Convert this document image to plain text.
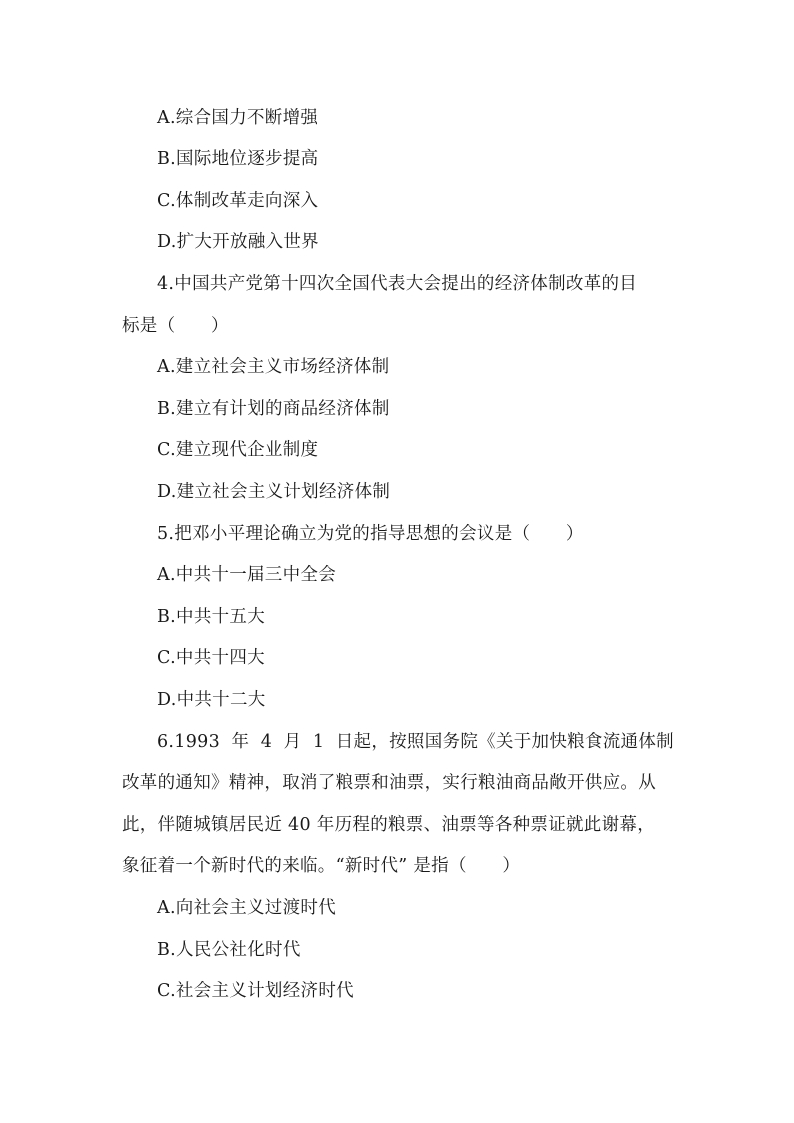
A.综合国力不断增强
B.国际地位逐步提高
C.体制改革走向深入
D.扩大开放融入世界
4.中国共产党第十四次全国代表大会提出的经济体制改革的目
标是（　　）
A.建立社会主义市场经济体制
B.建立有计划的商品经济体制
C.建立现代企业制度
D.建立社会主义计划经济体制
5.把邓小平理论确立为党的指导思想的会议是（　　）
A.中共十一届三中全会
B.中共十五大
C.中共十四大
D.中共十二大
6.1993 年 4 月 1 日起，按照国务院《关于加快粮食流通体制
改革的通知》精神，取消了粮票和油票，实行粮油商品敞开供应。从
此，伴随城镇居民近 40 年历程的粮票、油票等各种票证就此谢幕，
象征着一个新时代的来临。“新时代” 是指（　　）
A.向社会主义过渡时代
B.人民公社化时代
C.社会主义计划经济时代
